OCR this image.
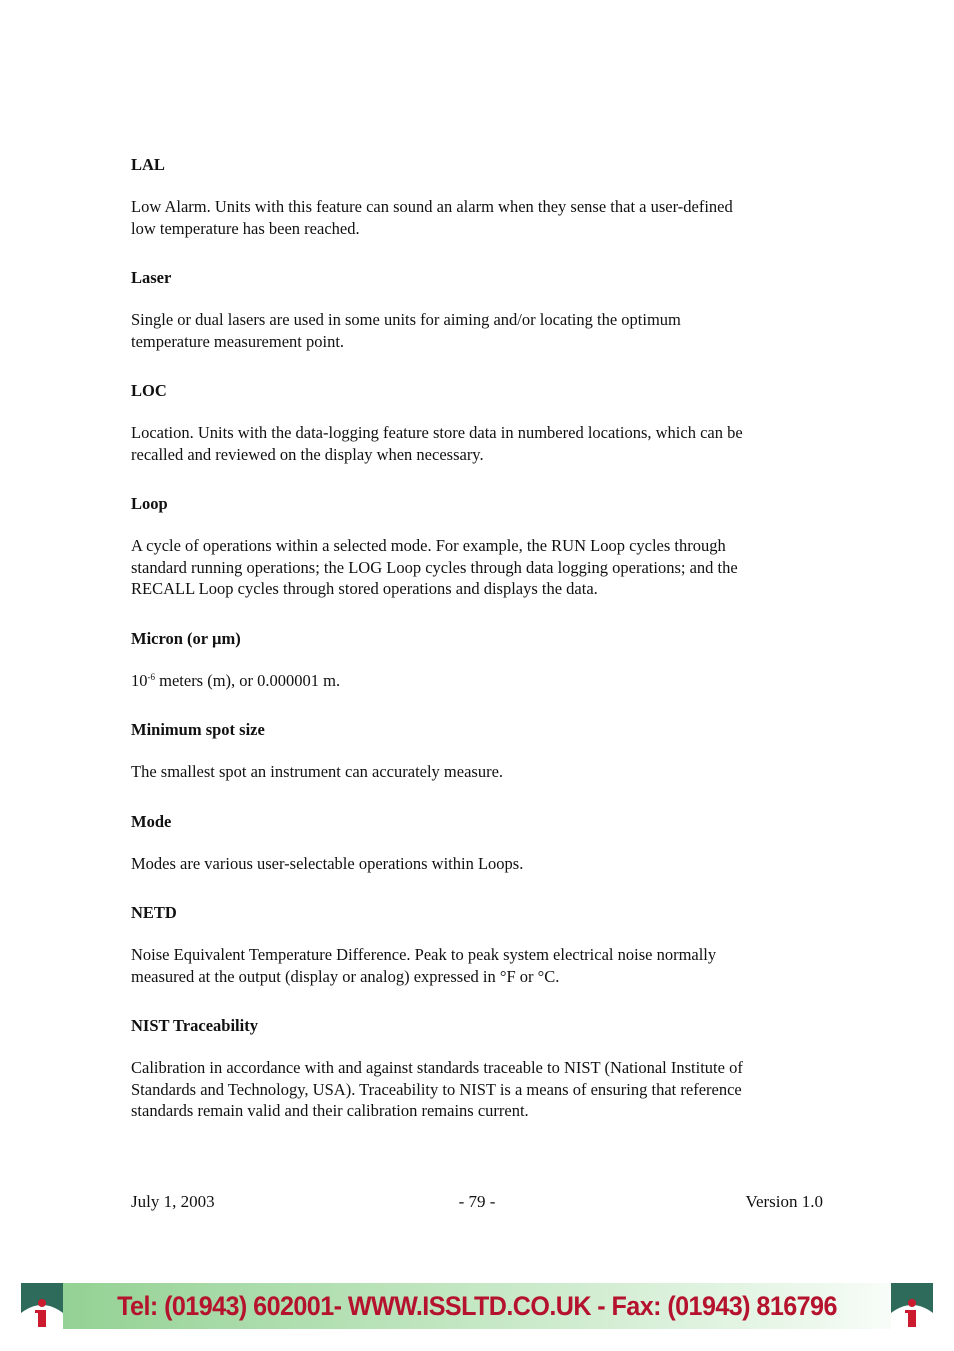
LAL

Low Alarm. Units with this feature can sound an alarm when they sense that a user-defined
low temperature has been reached.

Laser

Single or dual lasers are used in some units for aiming and/or locating the optimum
temperature measurement point.

LOC

Location. Units with the data-logging feature store data in numbered locations, which can be
recalled and reviewed on the display when necessary.

Loop

A cycle of operations within a selected mode. For example, the RUN Loop cycles through
standard running operations; the LOG Loop cycles through data logging operations; and the
RECALL Loop cycles through stored operations and displays the data.

Micron (or µm)

$10^{-6}$ meters (m), or 0.000001 m.

Minimum spot size

The smallest spot an instrument can accurately measure.

Mode

Modes are various user-selectable operations within Loops.

NETD

Noise Equivalent Temperature Difference. Peak to peak system electrical noise normally
measured at the output (display or analog) expressed in °F or °C.

NIST Traceability

Calibration in accordance with and against standards traceable to NIST (National Institute of
Standards and Technology, USA). Traceability to NIST is a means of ensuring that reference
standards remain valid and their calibration remains current.

July 1, 2003	- 79 -	Version 1.0
Tel: (01943) 602001- WWW.ISSLTD.CO.UK - Fax: (01943) 816796
